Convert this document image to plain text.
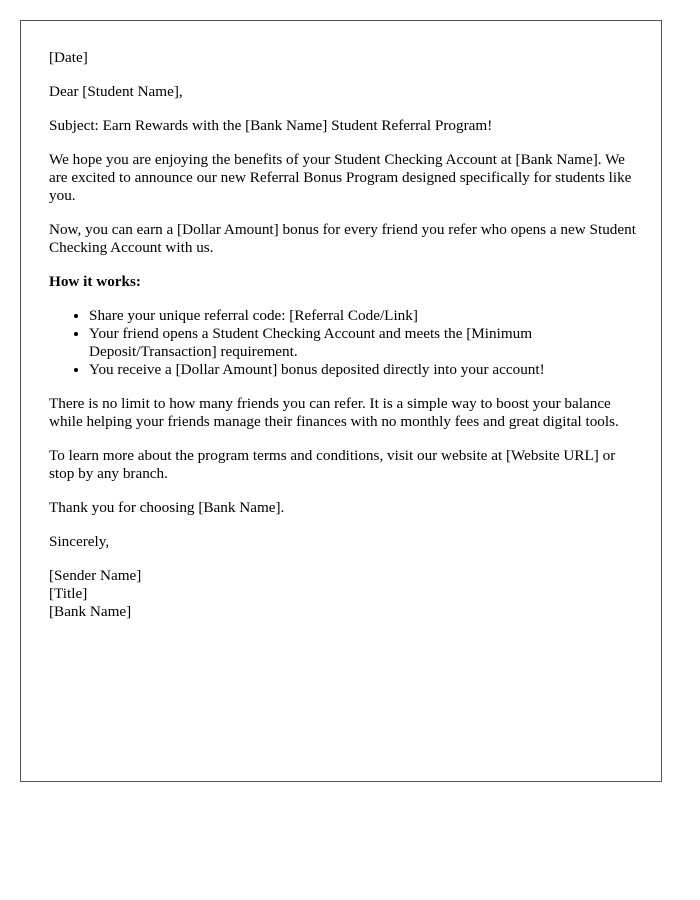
[Date]

Dear [Student Name],

Subject: Earn Rewards with the [Bank Name] Student Referral Program!

We hope you are enjoying the benefits of your Student Checking Account at [Bank Name]. We are excited to announce our new Referral Bonus Program designed specifically for students like you.

Now, you can earn a [Dollar Amount] bonus for every friend you refer who opens a new Student Checking Account with us.

How it works:

• Share your unique referral code: [Referral Code/Link]
• Your friend opens a Student Checking Account and meets the [Minimum Deposit/Transaction] requirement.
• You receive a [Dollar Amount] bonus deposited directly into your account!

There is no limit to how many friends you can refer. It is a simple way to boost your balance while helping your friends manage their finances with no monthly fees and great digital tools.

To learn more about the program terms and conditions, visit our website at [Website URL] or stop by any branch.

Thank you for choosing [Bank Name].

Sincerely,

[Sender Name]
[Title]
[Bank Name]
